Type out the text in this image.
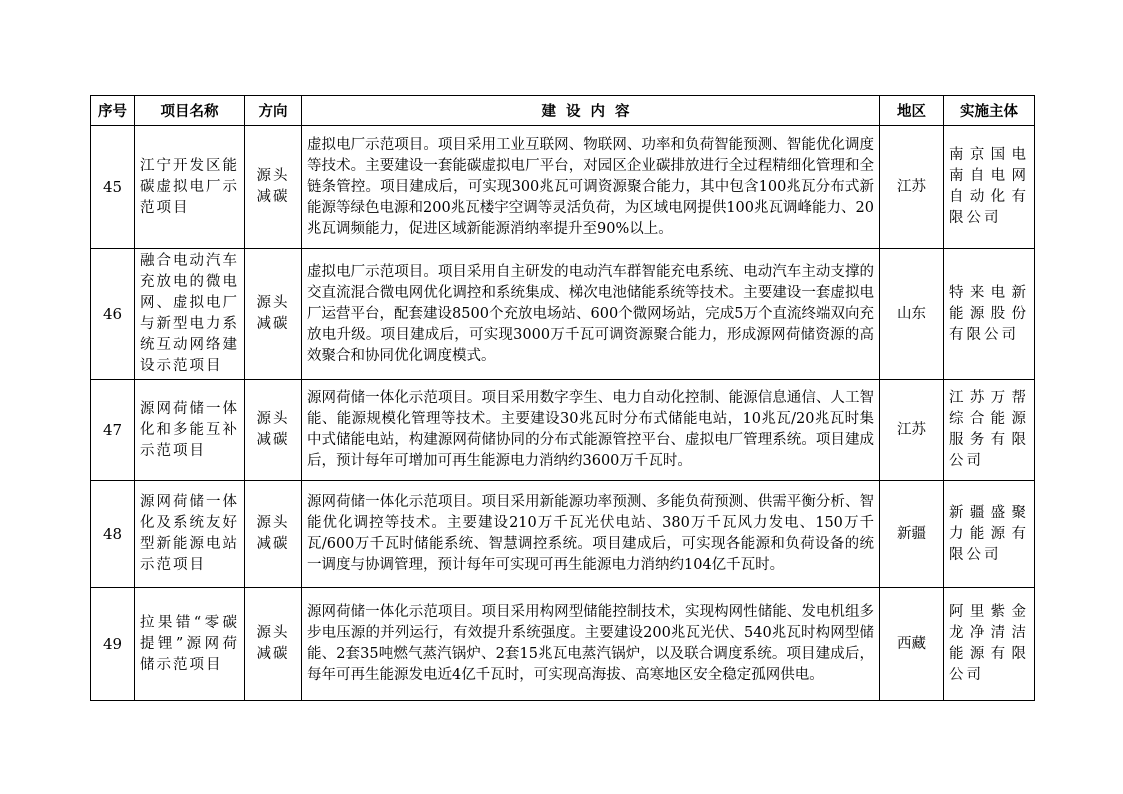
序号	项目名称	方向	建设内容	地区	实施主体
45	江宁开发区能碳虚拟电厂示范项目	源头减碳	虚拟电厂示范项目。项目采用工业互联网、物联网、功率和负荷智能预测、智能优化调度等技术。主要建设一套能碳虚拟电厂平台，对园区企业碳排放进行全过程精细化管理和全链条管控。项目建成后，可实现300兆瓦可调资源聚合能力，其中包含100兆瓦分布式新能源等绿色电源和200兆瓦楼宇空调等灵活负荷，为区域电网提供100兆瓦调峰能力、20兆瓦调频能力，促进区域新能源消纳率提升至90%以上。	江苏	南京国电南自电网自动化有限公司
46	融合电动汽车充放电的微电网、虚拟电厂与新型电力系统互动网络建设示范项目	源头减碳	虚拟电厂示范项目。项目采用自主研发的电动汽车群智能充电系统、电动汽车主动支撑的交直流混合微电网优化调控和系统集成、梯次电池储能系统等技术。主要建设一套虚拟电厂运营平台，配套建设8500个充放电场站、600个微网场站，完成5万个直流终端双向充放电升级。项目建成后，可实现3000万千瓦可调资源聚合能力，形成源网荷储资源的高效聚合和协同优化调度模式。	山东	特来电新能源股份有限公司
47	源网荷储一体化和多能互补示范项目	源头减碳	源网荷储一体化示范项目。项目采用数字孪生、电力自动化控制、能源信息通信、人工智能、能源规模化管理等技术。主要建设30兆瓦时分布式储能电站，10兆瓦/20兆瓦时集中式储能电站，构建源网荷储协同的分布式能源管控平台、虚拟电厂管理系统。项目建成后，预计每年可增加可再生能源电力消纳约3600万千瓦时。	江苏	江苏万帮综合能源服务有限公司
48	源网荷储一体化及系统友好型新能源电站示范项目	源头减碳	源网荷储一体化示范项目。项目采用新能源功率预测、多能负荷预测、供需平衡分析、智能优化调控等技术。主要建设210万千瓦光伏电站、380万千瓦风力发电、150万千瓦/600万千瓦时储能系统、智慧调控系统。项目建成后，可实现各能源和负荷设备的统一调度与协调管理，预计每年可实现可再生能源电力消纳约104亿千瓦时。	新疆	新疆盛聚力能源有限公司
49	拉果错“零碳提锂”源网荷储示范项目	源头减碳	源网荷储一体化示范项目。项目采用构网型储能控制技术，实现构网性储能、发电机组多步电压源的并列运行，有效提升系统强度。主要建设200兆瓦光伏、540兆瓦时构网型储能、2套35吨燃气蒸汽锅炉、2套15兆瓦电蒸汽锅炉，以及联合调度系统。项目建成后，每年可再生能源发电近4亿千瓦时，可实现高海拔、高寒地区安全稳定孤网供电。	西藏	阿里紫金龙净清洁能源有限公司
